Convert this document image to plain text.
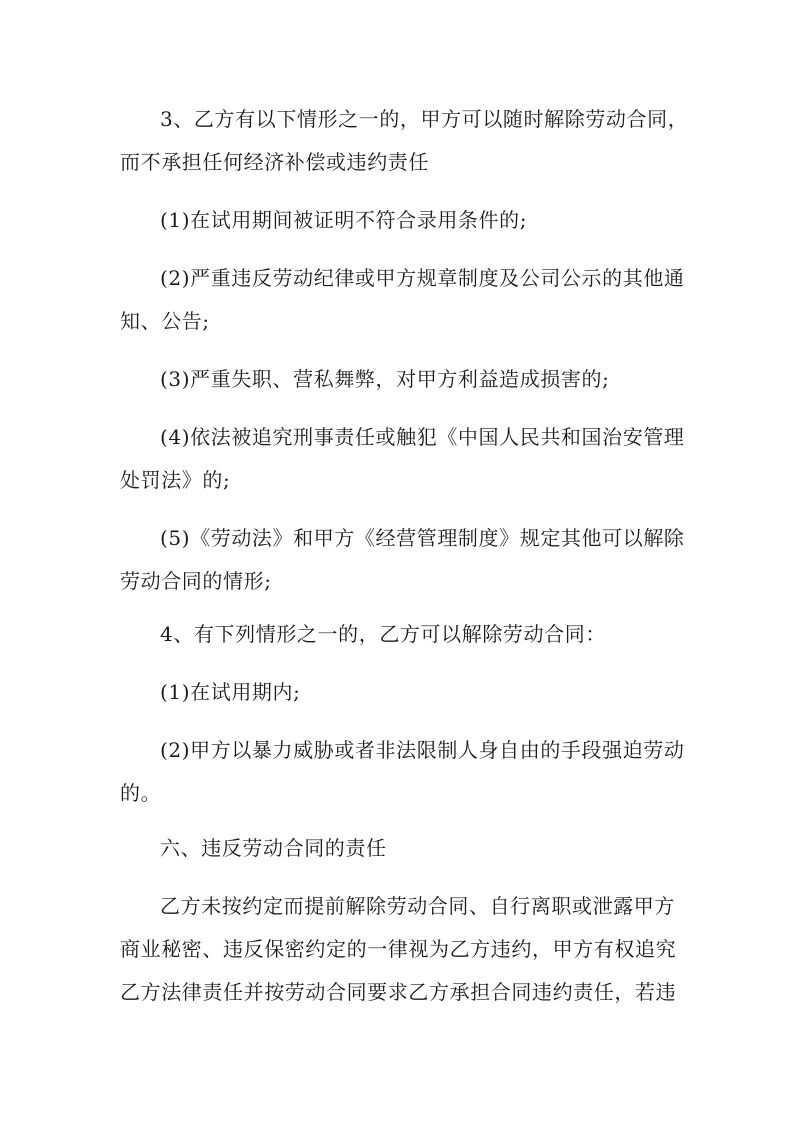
3、乙方有以下情形之一的，甲方可以随时解除劳动合同，
而不承担任何经济补偿或违约责任
(1)在试用期间被证明不符合录用条件的;
(2)严重违反劳动纪律或甲方规章制度及公司公示的其他通
知、公告;
(3)严重失职、营私舞弊，对甲方利益造成损害的;
(4)依法被追究刑事责任或触犯《中国人民共和国治安管理
处罚法》的;
(5)《劳动法》和甲方《经营管理制度》规定其他可以解除
劳动合同的情形;
4、有下列情形之一的，乙方可以解除劳动合同：
(1)在试用期内;
(2)甲方以暴力威胁或者非法限制人身自由的手段强迫劳动
的。
六、违反劳动合同的责任
乙方未按约定而提前解除劳动合同、自行离职或泄露甲方
商业秘密、违反保密约定的一律视为乙方违约，甲方有权追究
乙方法律责任并按劳动合同要求乙方承担合同违约责任，若违
